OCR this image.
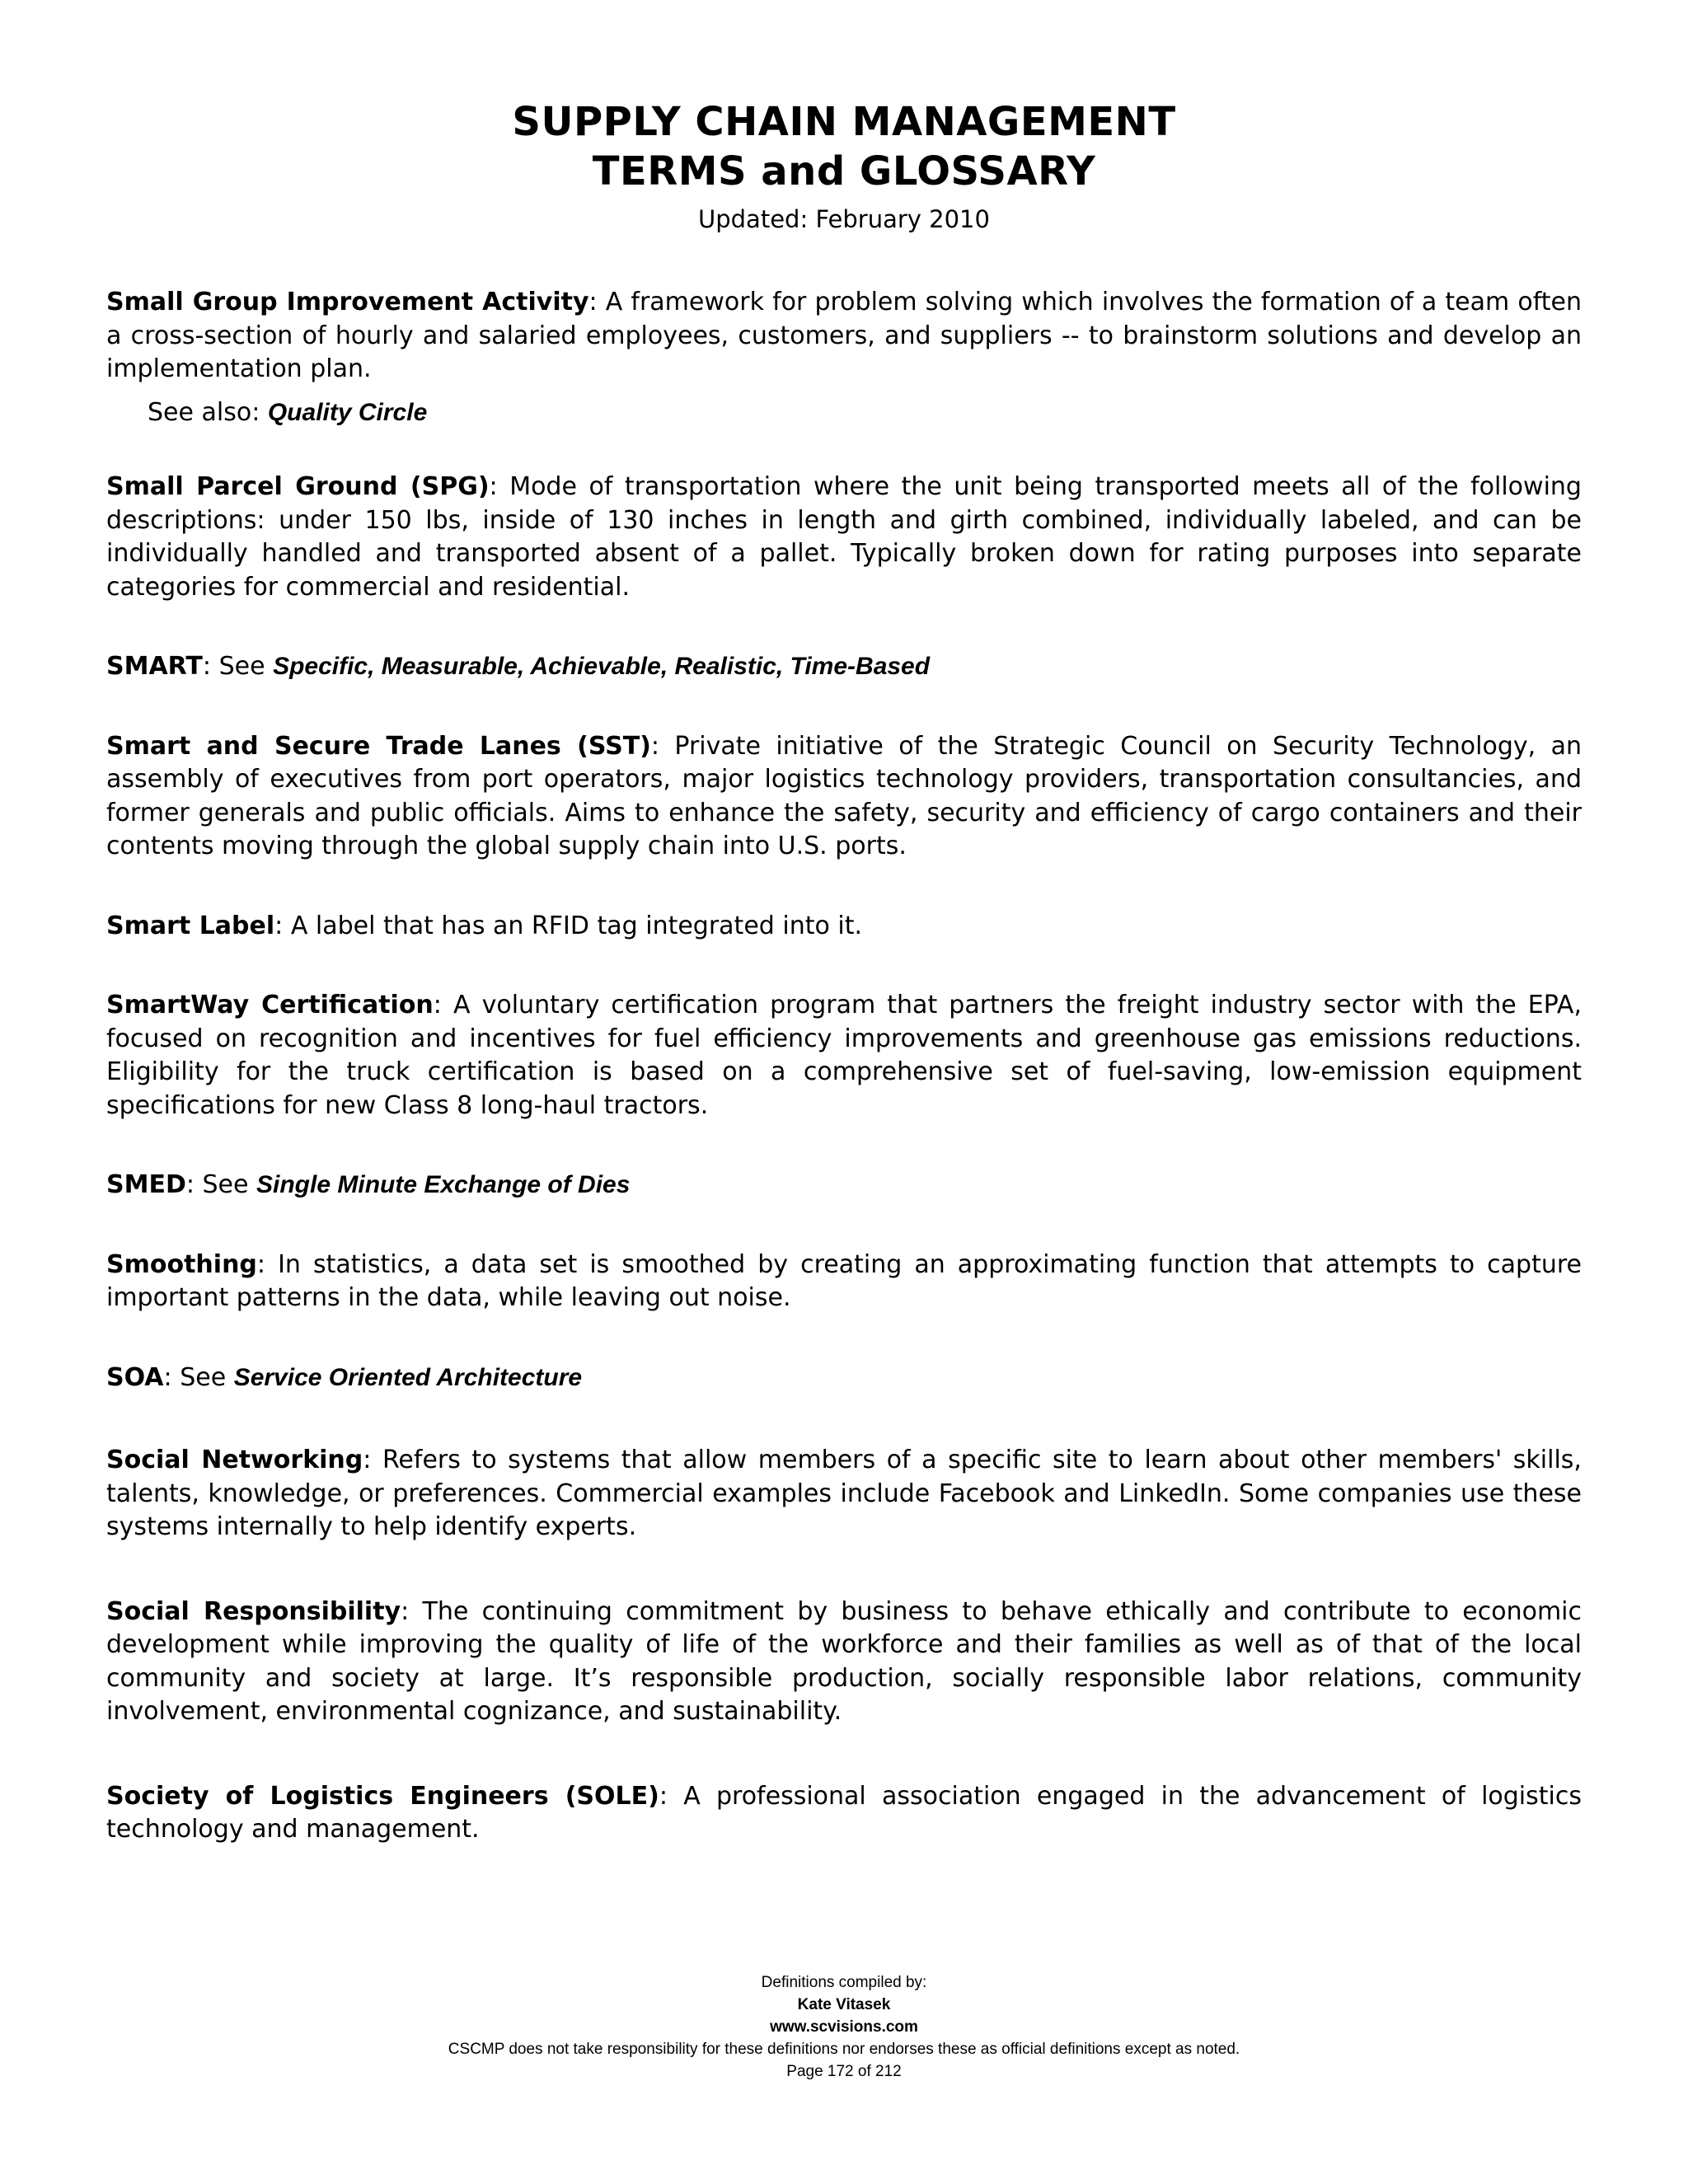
SUPPLY CHAIN MANAGEMENT
TERMS and GLOSSARY
Updated: February 2010
Small Group Improvement Activity: A framework for problem solving which involves the formation of a team often a cross-section of hourly and salaried employees, customers, and suppliers -- to brainstorm solutions and develop an implementation plan.
See also: Quality Circle
Small Parcel Ground (SPG): Mode of transportation where the unit being transported meets all of the following descriptions: under 150 lbs, inside of 130 inches in length and girth combined, individually labeled, and can be individually handled and transported absent of a pallet. Typically broken down for rating purposes into separate categories for commercial and residential.
SMART: See Specific, Measurable, Achievable, Realistic, Time-Based
Smart and Secure Trade Lanes (SST): Private initiative of the Strategic Council on Security Technology, an assembly of executives from port operators, major logistics technology providers, transportation consultancies, and former generals and public officials. Aims to enhance the safety, security and efficiency of cargo containers and their contents moving through the global supply chain into U.S. ports.
Smart Label: A label that has an RFID tag integrated into it.
SmartWay Certification: A voluntary certification program that partners the freight industry sector with the EPA, focused on recognition and incentives for fuel efficiency improvements and greenhouse gas emissions reductions. Eligibility for the truck certification is based on a comprehensive set of fuel-saving, low-emission equipment specifications for new Class 8 long-haul tractors.
SMED: See Single Minute Exchange of Dies
Smoothing: In statistics, a data set is smoothed by creating an approximating function that attempts to capture important patterns in the data, while leaving out noise.
SOA: See Service Oriented Architecture
Social Networking: Refers to systems that allow members of a specific site to learn about other members' skills, talents, knowledge, or preferences. Commercial examples include Facebook and LinkedIn. Some companies use these systems internally to help identify experts.
Social Responsibility: The continuing commitment by business to behave ethically and contribute to economic development while improving the quality of life of the workforce and their families as well as of that of the local community and society at large. It’s responsible production, socially responsible labor relations, community involvement, environmental cognizance, and sustainability.
Society of Logistics Engineers (SOLE): A professional association engaged in the advancement of logistics technology and management.
Definitions compiled by:
Kate Vitasek
www.scvisions.com
CSCMP does not take responsibility for these definitions nor endorses these as official definitions except as noted.
Page 172 of 212
